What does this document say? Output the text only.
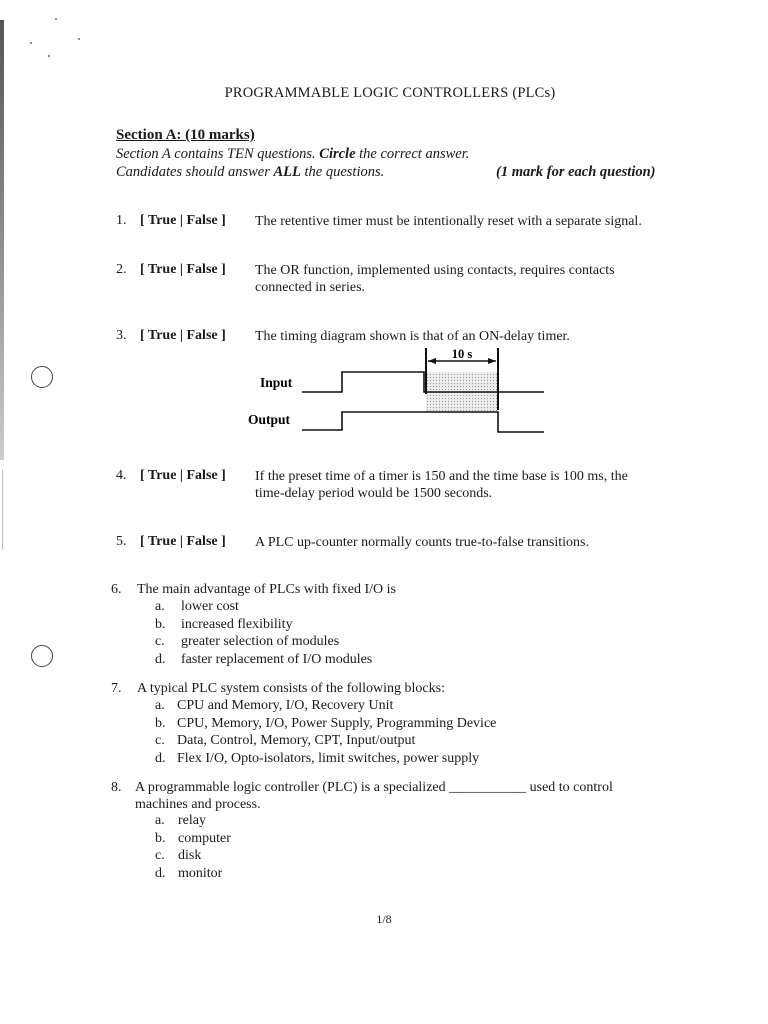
PROGRAMMABLE LOGIC CONTROLLERS (PLCs)
Section A: (10 marks)
Section A contains TEN questions. Circle the correct answer.
Candidates should answer ALL the questions.	(1 mark for each question)
1. [ True | False ] The retentive timer must be intentionally reset with a separate signal.
2. [ True | False ] The OR function, implemented using contacts, requires contacts
connected in series.
3. [ True | False ] The timing diagram shown is that of an ON-delay timer.
10 s
Input
Output
4. [ True | False ] If the preset time of a timer is 150 and the time base is 100 ms, the
time-delay period would be 1500 seconds.
5. [ True | False ] A PLC up-counter normally counts true-to-false transitions.
6. The main advantage of PLCs with fixed I/O is
a. lower cost
b. increased flexibility
c. greater selection of modules
d. faster replacement of I/O modules
7. A typical PLC system consists of the following blocks:
a. CPU and Memory, I/O, Recovery Unit
b. CPU, Memory, I/O, Power Supply, Programming Device
c. Data, Control, Memory, CPT, Input/output
d. Flex I/O, Opto-isolators, limit switches, power supply
8. A programmable logic controller (PLC) is a specialized ___________ used to control
machines and process.
a. relay
b. computer
c. disk
d. monitor
1/8
